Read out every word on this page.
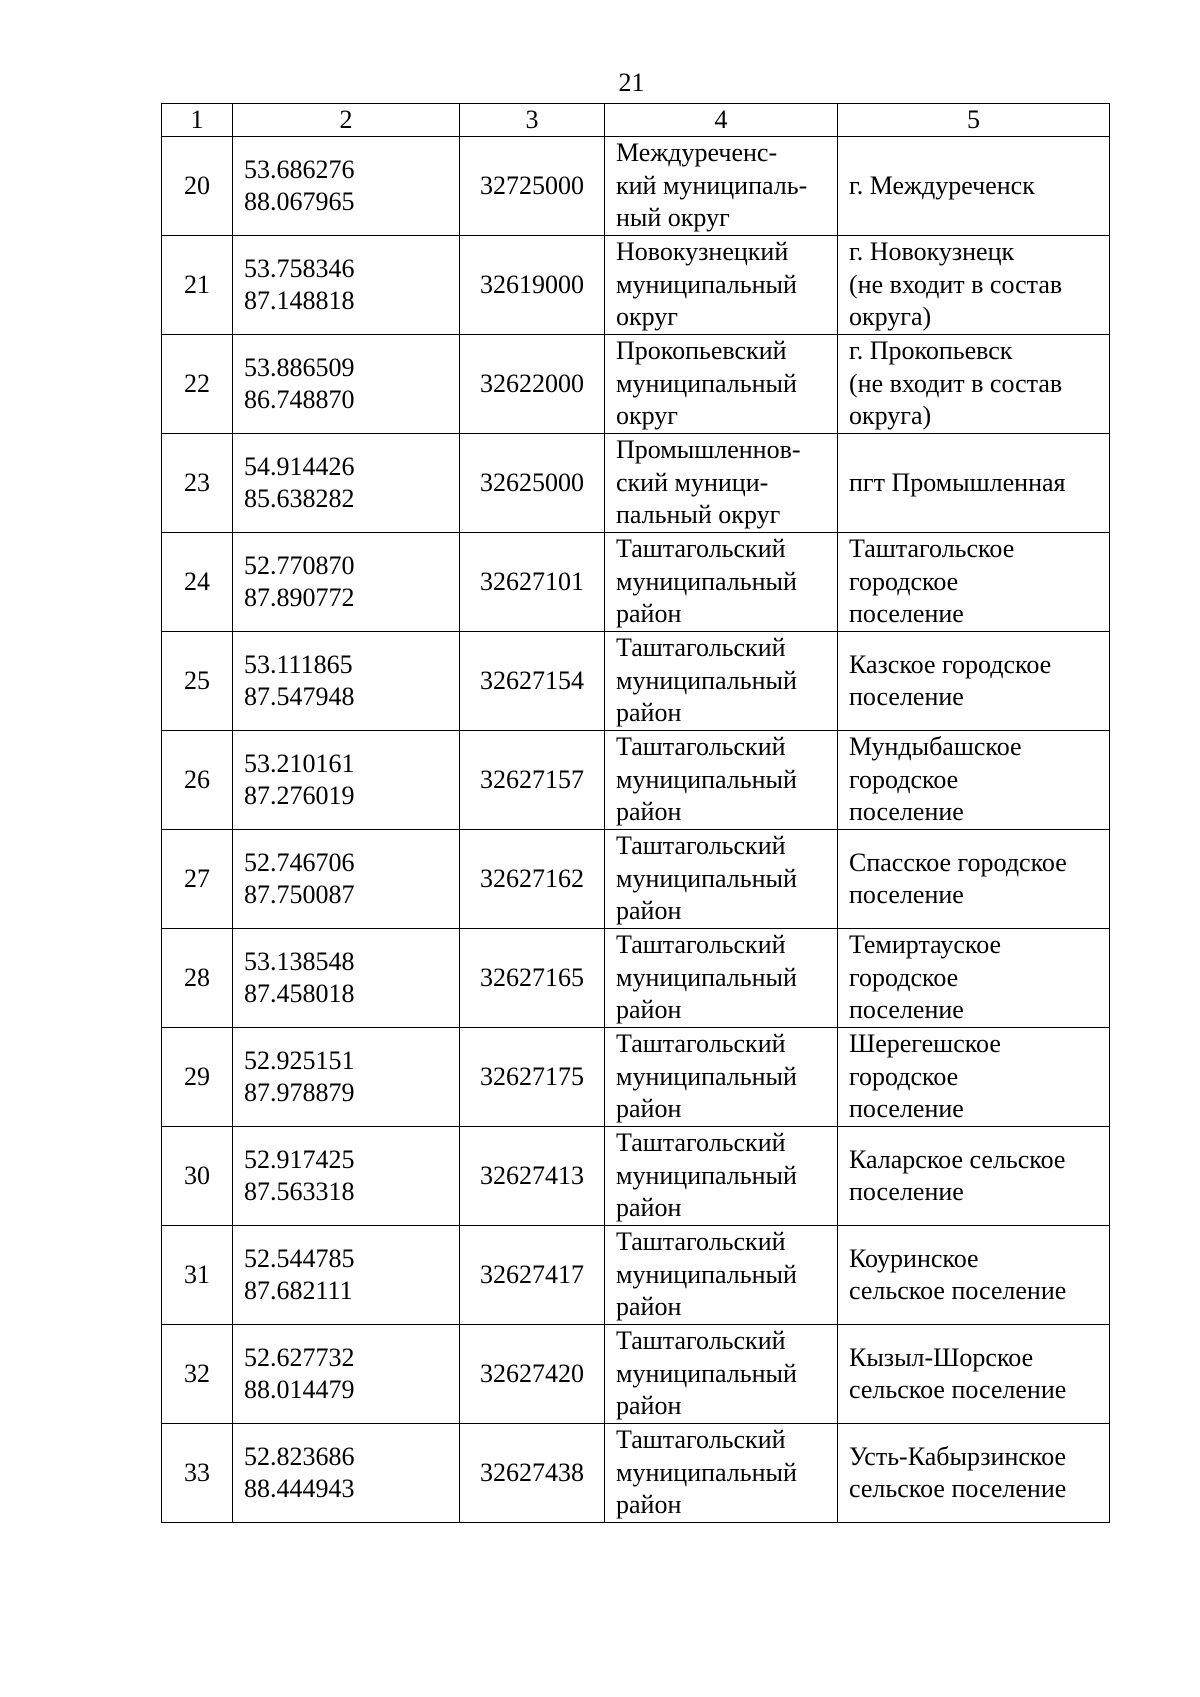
21
1	2	3	4	5
20	53.686276
88.067965	32725000	Междуреченс-
кий муниципаль-
ный округ	г. Междуреченск

21	53.758346
87.148818	32619000	Новокузнецкий
муниципальный
округ	г. Новокузнецк
(не входит в состав
округа)

22	53.886509
86.748870	32622000	Прокопьевский
муниципальный
округ	г. Прокопьевск
(не входит в состав
округа)

23	54.914426
85.638282	32625000	Промышленнов-
ский муници-
пальный округ	пгт Промышленная

24	52.770870
87.890772	32627101	Таштагольский
муниципальный
район	Таштагольское
городское
поселение

25	53.111865
87.547948	32627154	Таштагольский
муниципальный
район	Казское городское
поселение

26	53.210161
87.276019	32627157	Таштагольский
муниципальный
район	Мундыбашское
городское
поселение

27	52.746706
87.750087	32627162	Таштагольский
муниципальный
район	Спасское городское
поселение

28	53.138548
87.458018	32627165	Таштагольский
муниципальный
район	Темиртауское
городское
поселение

29	52.925151
87.978879	32627175	Таштагольский
муниципальный
район	Шерегешское
городское
поселение

30	52.917425
87.563318	32627413	Таштагольский
муниципальный
район	Каларское сельское
поселение

31	52.544785
87.682111	32627417	Таштагольский
муниципальный
район	Коуринское
сельское поселение

32	52.627732
88.014479	32627420	Таштагольский
муниципальный
район	Кызыл-Шорское
сельское поселение

33	52.823686
88.444943	32627438	Таштагольский
муниципальный
район	Усть-Кабырзинское
сельское поселение
